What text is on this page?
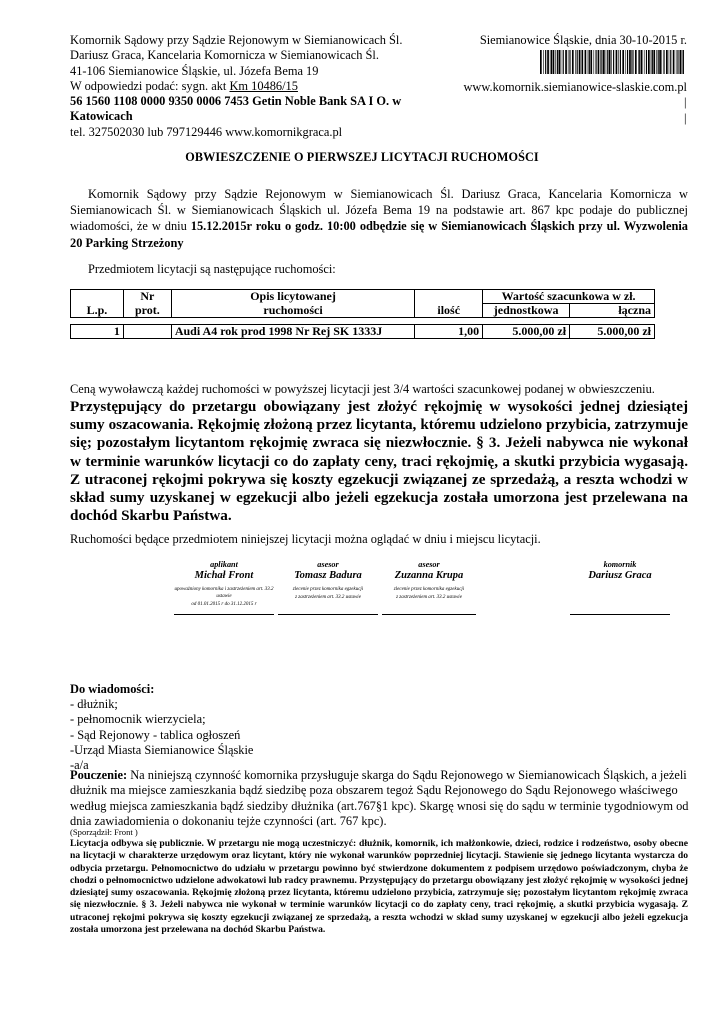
Komornik Sądowy przy Sądzie Rejonowym w Siemianowicach Śl.
Dariusz Graca, Kancelaria Komornicza w Siemianowicach Śl.
41-106 Siemianowice Śląskie, ul. Józefa Bema 19
W odpowiedzi podać: sygn. akt Km 10486/15
56 1560 1108 0000 9350 0006 7453 Getin Noble Bank SA I O. w Katowicach
tel. 327502030 lub 797129446 www.komornikgraca.pl
Siemianowice Śląskie, dnia 30-10-2015 r.
www.komornik.siemianowice-slaskie.com.pl
|
|
OBWIESZCZENIE O PIERWSZEJ LICYTACJI RUCHOMOŚCI
Komornik Sądowy przy Sądzie Rejonowym w Siemianowicach Śl. Dariusz Graca, Kancelaria Komornicza w Siemianowicach Śl. w Siemianowicach Śląskich ul. Józefa Bema 19 na podstawie art. 867 kpc podaje do publicznej wiadomości, że w dniu 15.12.2015r roku o godz. 10:00 odbędzie się w Siemianowicach Śląskich przy ul. Wyzwolenia 20 Parking Strzeżony
Przedmiotem licytacji są następujące ruchomości:
L.p.	Nr	Opis licytowanej	ilość	Wartość szacunkowa w zł.	
	prot.	ruchomości		jednostkowa	łączna

1		Audi A4 rok prod 1998 Nr Rej SK 1333J	1,00	5.000,00 zł	5.000,00 zł
Ceną wywoławczą każdej ruchomości w powyższej licytacji jest 3/4 wartości szacunkowej podanej w obwieszczeniu.
Przystępujący do przetargu obowiązany jest złożyć rękojmię w wysokości jednej dziesiątej sumy oszacowania. Rękojmię złożoną przez licytanta, któremu udzielono przybicia, zatrzymuje się; pozostałym licytantom rękojmię zwraca się niezwłocznie. § 3. Jeżeli nabywca nie wykonał w terminie warunków licytacji co do zapłaty ceny, traci rękojmię, a skutki przybicia wygasają. Z utraconej rękojmi pokrywa się koszty egzekucji związanej ze sprzedażą, a reszta wchodzi w skład sumy uzyskanej w egzekucji albo jeżeli egzekucja została umorzona jest przelewana na dochód Skarbu Państwa.
Ruchomości będące przedmiotem niniejszej licytacji można oglądać w dniu i miejscu licytacji.
aplikant
Michał Front
upoważniony komornika i zastrzeżeniem art. 33.2 ustawie
od 01.01.2015 r do 31.12.2015 r
asesor
Tomasz Badura
zlecenie przez komornika egzekucji
z zastrzeżeniem art. 33.2 ustawie
asesor
Zuzanna Krupa
zlecenie przez komornika egzekucji
z zastrzeżeniem art. 33.2 ustawie
komornik
Dariusz Graca
Do wiadomości:
- dłużnik;
- pełnomocnik wierzyciela;
- Sąd Rejonowy - tablica ogłoszeń
-Urząd Miasta Siemianowice Śląskie
-a/a
Pouczenie: Na niniejszą czynność komornika przysługuje skarga do Sądu Rejonowego w Siemianowicach Śląskich, a jeżeli dłużnik ma miejsce zamieszkania bądź siedzibę poza obszarem tegoż Sądu Rejonowego do Sądu Rejonowego właściwego według miejsca zamieszkania bądź siedziby dłużnika (art.767§1 kpc). Skargę wnosi się do sądu w terminie tygodniowym od dnia zawiadomienia o dokonaniu tejże czynności (art. 767 kpc).
(Sporządził: Front )
Licytacja odbywa się publicznie. W przetargu nie mogą uczestniczyć: dłużnik, komornik, ich małżonkowie, dzieci, rodzice i rodzeństwo, osoby obecne na licytacji w charakterze urzędowym oraz licytant, który nie wykonał warunków poprzedniej licytacji. Stawienie się jednego licytanta wystarcza do odbycia przetargu. Pełnomocnictwo do udziału w przetargu powinno być stwierdzone dokumentem z podpisem urzędowo poświadczonym, chyba że chodzi o pełnomocnictwo udzielone adwokatowi lub radcy prawnemu. Przystępujący do przetargu obowiązany jest złożyć rękojmię w wysokości jednej dziesiątej sumy oszacowania. Rękojmię złożoną przez licytanta, któremu udzielono przybicia, zatrzymuje się; pozostałym licytantom rękojmię zwraca się niezwłocznie. § 3. Jeżeli nabywca nie wykonał w terminie warunków licytacji co do zapłaty ceny, traci rękojmię, a skutki przybicia wygasają. Z utraconej rękojmi pokrywa się koszty egzekucji związanej ze sprzedażą, a reszta wchodzi w skład sumy uzyskanej w egzekucji albo jeżeli egzekucja została umorzona jest przelewana na dochód Skarbu Państwa.
